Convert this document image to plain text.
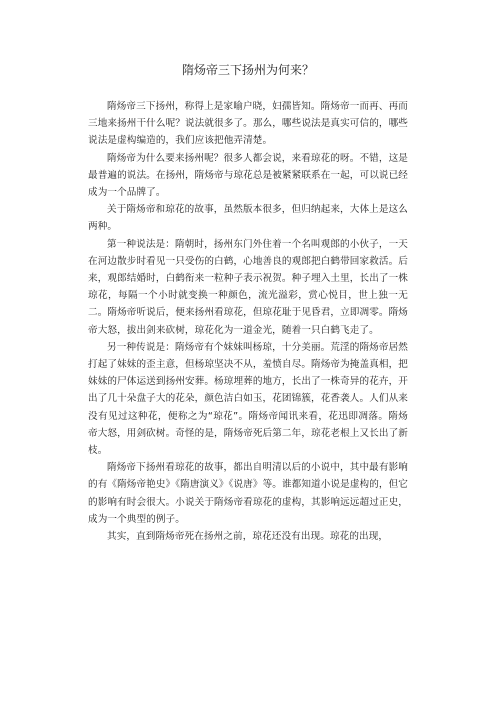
隋炀帝三下扬州为何来？

隋炀帝三下扬州，称得上是家喻户晓，妇孺皆知。隋炀帝一而再、再而三地来扬州干什么呢？说法就很多了。那么，哪些说法是真实可信的，哪些说法是虚构编造的，我们应该把他弄清楚。

隋炀帝为什么要来扬州呢？很多人都会说，来看琼花的呀。不错，这是最普遍的说法。在扬州，隋炀帝与琼花总是被紧紧联系在一起，可以说已经成为一个品牌了。

关于隋炀帝和琼花的故事，虽然版本很多，但归纳起来，大体上是这么两种。

第一种说法是：隋朝时，扬州东门外住着一个名叫观郎的小伙子，一天在河边散步时看见一只受伤的白鹤，心地善良的观郎把白鹤带回家救活。后来，观郎结婚时，白鹤衔来一粒种子表示祝贺。种子埋入土里，长出了一株琼花，每隔一个小时就变换一种颜色，流光溢彩，赏心悦目，世上独一无二。隋炀帝听说后，便来扬州看琼花，但琼花耻于见昏君，立即凋零。隋炀帝大怒，拔出剑来砍树，琼花化为一道金光，随着一只白鹤飞走了。

另一种传说是：隋炀帝有个妹妹叫杨琼，十分美丽。荒淫的隋炀帝居然打起了妹妹的歪主意，但杨琼坚决不从，羞愤自尽。隋炀帝为掩盖真相，把妹妹的尸体运送到扬州安葬。杨琼埋葬的地方，长出了一株奇异的花卉，开出了几十朵盘子大的花朵，颜色洁白如玉，花团锦簇，花香袭人。人们从来没有见过这种花，便称之为“琼花”。隋炀帝闻讯来看，花迅即凋落。隋炀帝大怒，用剑砍树。奇怪的是，隋炀帝死后第二年，琼花老根上又长出了新枝。

隋炀帝下扬州看琼花的故事，都出自明清以后的小说中，其中最有影响的有《隋炀帝艳史》《隋唐演义》《说唐》等。谁都知道小说是虚构的，但它的影响有时会很大。小说关于隋炀帝看琼花的虚构，其影响远远超过正史，成为一个典型的例子。

其实，直到隋炀帝死在扬州之前，琼花还没有出现。琼花的出现，
